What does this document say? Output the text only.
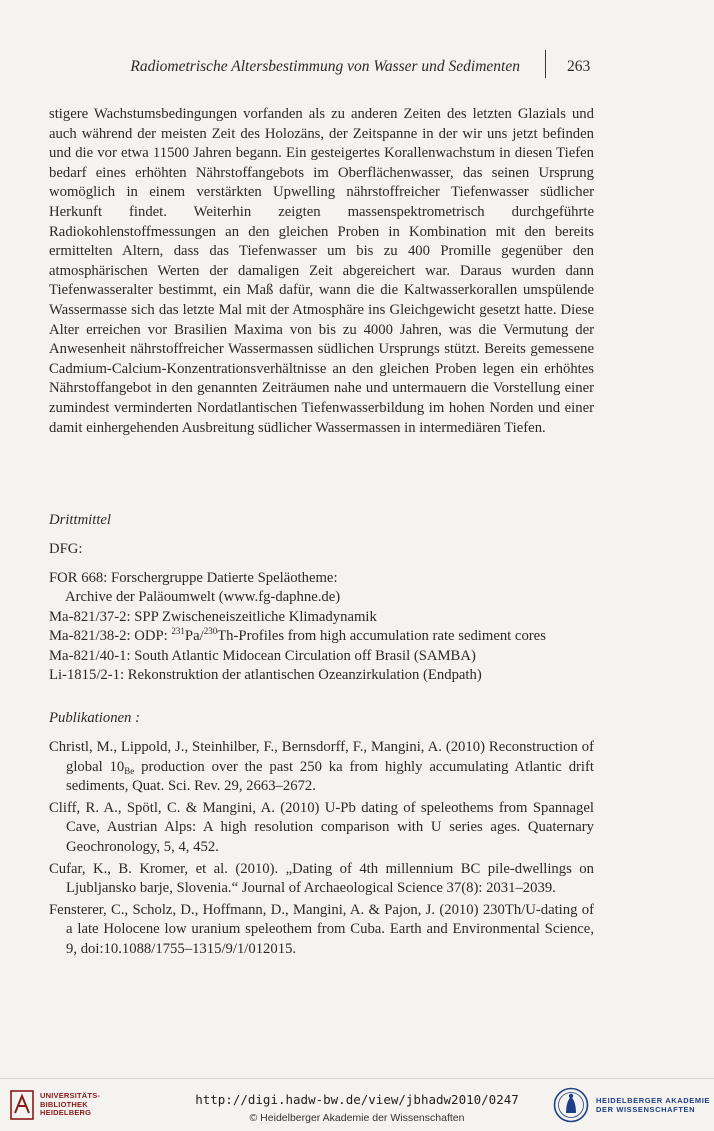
Radiometrische Altersbestimmung von Wasser und Sedimenten	263

stigere Wachstumsbedingungen vorfanden als zu anderen Zeiten des letzten Glazials und auch während der meisten Zeit des Holozäns, der Zeitspanne in der wir uns jetzt befinden und die vor etwa 11500 Jahren begann. Ein gesteigertes Korallenwachstum in diesen Tiefen bedarf eines erhöhten Nährstoffangebots im Oberflächenwasser, das seinen Ursprung womöglich in einem verstärkten Upwelling nährstoffreicher Tiefenwasser südlicher Herkunft findet. Weiterhin zeigten massenspektrometrisch durchgeführte Radiokohlenstoffmessungen an den gleichen Proben in Kombination mit den bereits ermittelten Altern, dass das Tiefenwasser um bis zu 400 Promille gegenüber den atmosphärischen Werten der damaligen Zeit abgereichert war. Daraus wurden dann Tiefenwasseralter bestimmt, ein Maß dafür, wann die die Kaltwasserkorallen umspülende Wassermasse sich das letzte Mal mit der Atmosphäre ins Gleichgewicht gesetzt hatte. Diese Alter erreichen vor Brasilien Maxima von bis zu 4000 Jahren, was die Vermutung der Anwesenheit nährstoffreicher Wassermassen südlichen Ursprungs stützt. Bereits gemessene Cadmium-Calcium-Konzentrationsverhältnisse an den gleichen Proben legen ein erhöhtes Nährstoffangebot in den genannten Zeiträumen nahe und untermauern die Vorstellung einer zumindest verminderten Nordatlantischen Tiefenwasserbildung im hohen Norden und einer damit einhergehenden Ausbreitung südlicher Wassermassen in intermediären Tiefen.

Drittmittel
DFG:
FOR 668: Forschergruppe Datierte Speläotheme:
Archive der Paläoumwelt (www.fg-daphne.de)
Ma-821/37-2: SPP Zwischeneiszeitliche Klimadynamik
Ma-821/38-2: ODP: $^{231}$Pa/$^{230}$Th-Profiles from high accumulation rate sediment cores
Ma-821/40-1: South Atlantic Midocean Circulation off Brasil (SAMBA)
Li-1815/2-1: Rekonstruktion der atlantischen Ozeanzirkulation (Endpath)
Publikationen :

Christl, M., Lippold, J., Steinhilber, F., Bernsdorff, F., Mangini, A. (2010) Reconstruction of global $10_{Be}$ production over the past 250 ka from highly accumulating Atlantic drift sediments, Quat. Sci. Rev. 29, 2663–2672.

Cliff, R. A., Spötl, C. & Mangini, A. (2010) U-Pb dating of speleothems from Spannagel Cave, Austrian Alps: A high resolution comparison with U series ages. Quaternary Geochronology, 5, 4, 452.

Cufar, K., B. Kromer, et al. (2010). „Dating of 4th millennium BC pile-dwellings on Ljubljansko barje, Slovenia.“ Journal of Archaeological Science 37(8): 2031–2039.

Fensterer, C., Scholz, D., Hoffmann, D., Mangini, A. & Pajon, J. (2010) 230Th/U-dating of a late Holocene low uranium speleothem from Cuba. Earth and Environmental Science, 9, doi:10.1088/1755–1315/9/1/012015.

UNIVERSITÄTS-
BIBLIOTHEK
HEIDELBERG
http://digi.hadw-bw.de/view/jbhadw2010/0247
© Heidelberger Akademie der Wissenschaften
HEIDELBERGER AKADEMIE
DER WISSENSCHAFTEN
